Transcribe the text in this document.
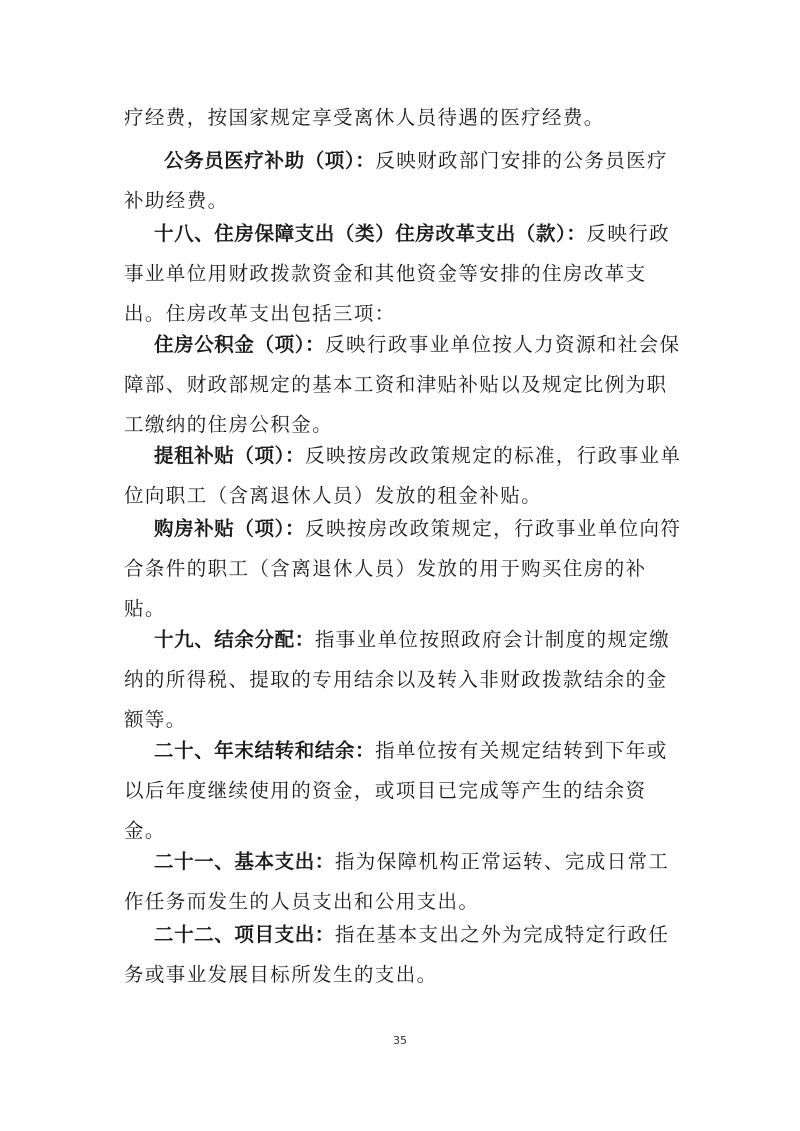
疗经费，按国家规定享受离休人员待遇的医疗经费。

公务员医疗补助（项）：反映财政部门安排的公务员医疗补助经费。

十八、住房保障支出（类）住房改革支出（款）：反映行政事业单位用财政拨款资金和其他资金等安排的住房改革支出。住房改革支出包括三项：

住房公积金（项）：反映行政事业单位按人力资源和社会保障部、财政部规定的基本工资和津贴补贴以及规定比例为职工缴纳的住房公积金。

提租补贴（项）：反映按房改政策规定的标准，行政事业单位向职工（含离退休人员）发放的租金补贴。

购房补贴（项）：反映按房改政策规定，行政事业单位向符合条件的职工（含离退休人员）发放的用于购买住房的补贴。

十九、结余分配：指事业单位按照政府会计制度的规定缴纳的所得税、提取的专用结余以及转入非财政拨款结余的金额等。

二十、年末结转和结余：指单位按有关规定结转到下年或以后年度继续使用的资金，或项目已完成等产生的结余资金。

二十一、基本支出：指为保障机构正常运转、完成日常工作任务而发生的人员支出和公用支出。

二十二、项目支出：指在基本支出之外为完成特定行政任务或事业发展目标所发生的支出。

35
